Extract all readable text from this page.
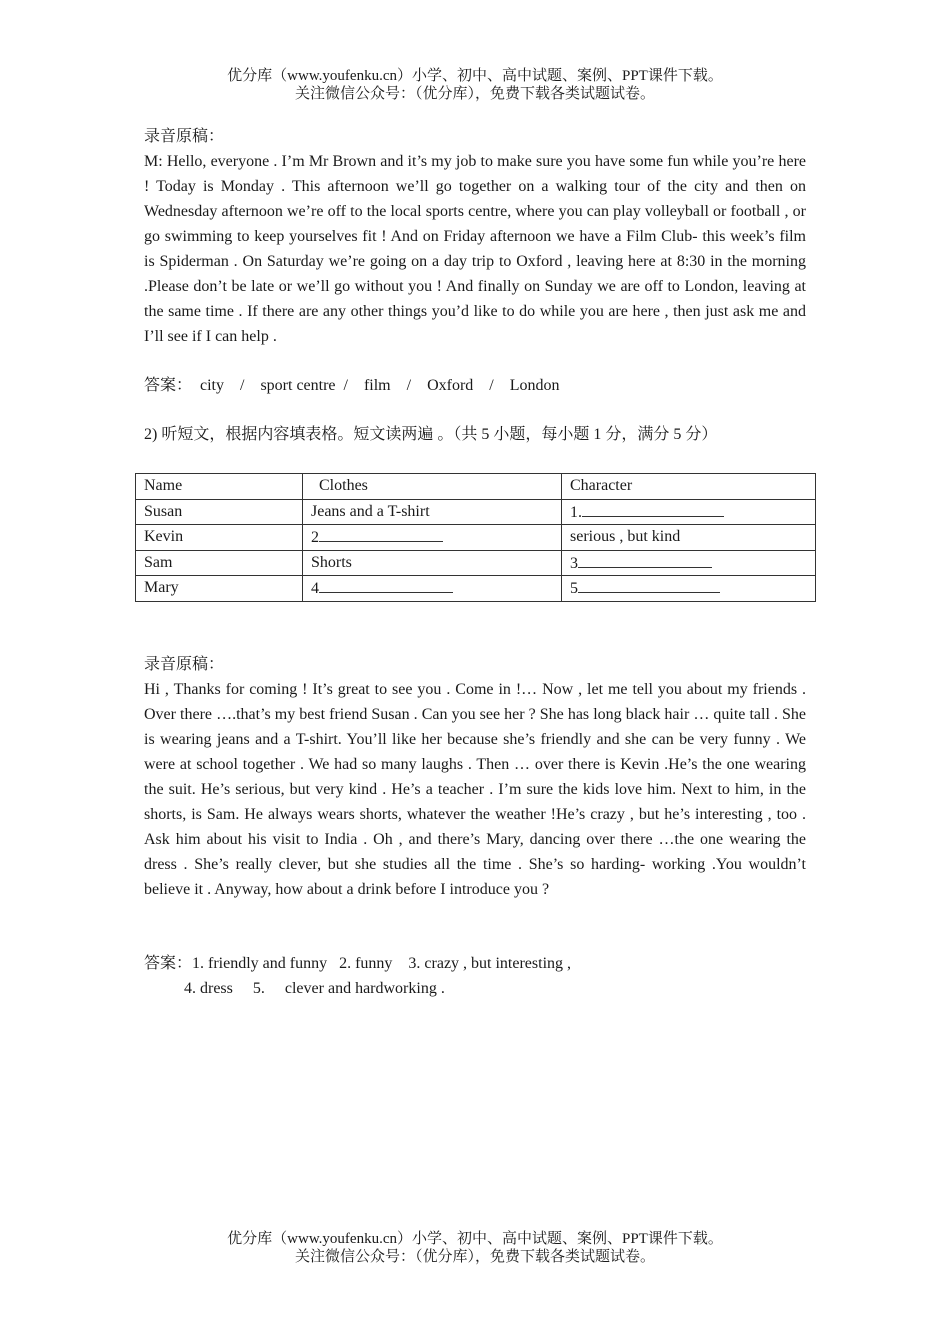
优分库（www.youfenku.cn）小学、初中、高中试题、案例、PPT课件下载。
关注微信公众号：（优分库），免费下载各类试题试卷。
录音原稿：
M: Hello, everyone . I’m Mr Brown and it’s my job to make sure you have some fun while you’re here ! Today is Monday . This afternoon we’ll go together on a walking tour of the city and then on Wednesday afternoon we’re off to the local sports centre, where you can play volleyball or football , or go swimming to keep yourselves fit ! And on Friday afternoon we have a Film Club- this week’s film is Spiderman . On Saturday we’re going on a day trip to Oxford , leaving here at 8:30 in the morning .Please don’t be late or we’ll go without you ! And finally on Sunday we are off to London, leaving at the same time . If there are any other things you’d like to do while you are here , then just ask me and I’ll see if I can help .
答案：  city    /    sport centre  /    film    /    Oxford    /    London
2) 听短文，根据内容填表格。短文读两遍 。（共 5 小题，每小题 1 分，满分 5 分）
Name	Clothes	Character
Susan	Jeans and a T-shirt	1.
Kevin	2	serious , but kind
Sam	Shorts	3
Mary	4	5
录音原稿：
Hi , Thanks for coming ! It’s great to see you . Come in !… Now , let me tell you about my friends . Over there ….that’s my best friend Susan . Can you see her ? She has long black hair … quite tall . She is wearing jeans and a T-shirt. You’ll like her because she’s friendly and she can be very funny . We were at school together . We had so many laughs . Then … over there is Kevin .He’s the one wearing the suit. He’s serious, but very kind . He’s a teacher . I’m sure the kids love him. Next to him, in the shorts, is Sam. He always wears shorts, whatever the weather !He’s crazy , but he’s interesting , too . Ask him about his visit to India . Oh , and there’s Mary, dancing over there …the one wearing the dress . She’s really clever, but she studies all the time . She’s so harding- working .You wouldn’t believe it . Anyway, how about a drink before I introduce you ?
答案：1. friendly and funny   2. funny    3. crazy , but interesting ,
4. dress     5.     clever and hardworking .
优分库（www.youfenku.cn）小学、初中、高中试题、案例、PPT课件下载。
关注微信公众号：（优分库），免费下载各类试题试卷。
